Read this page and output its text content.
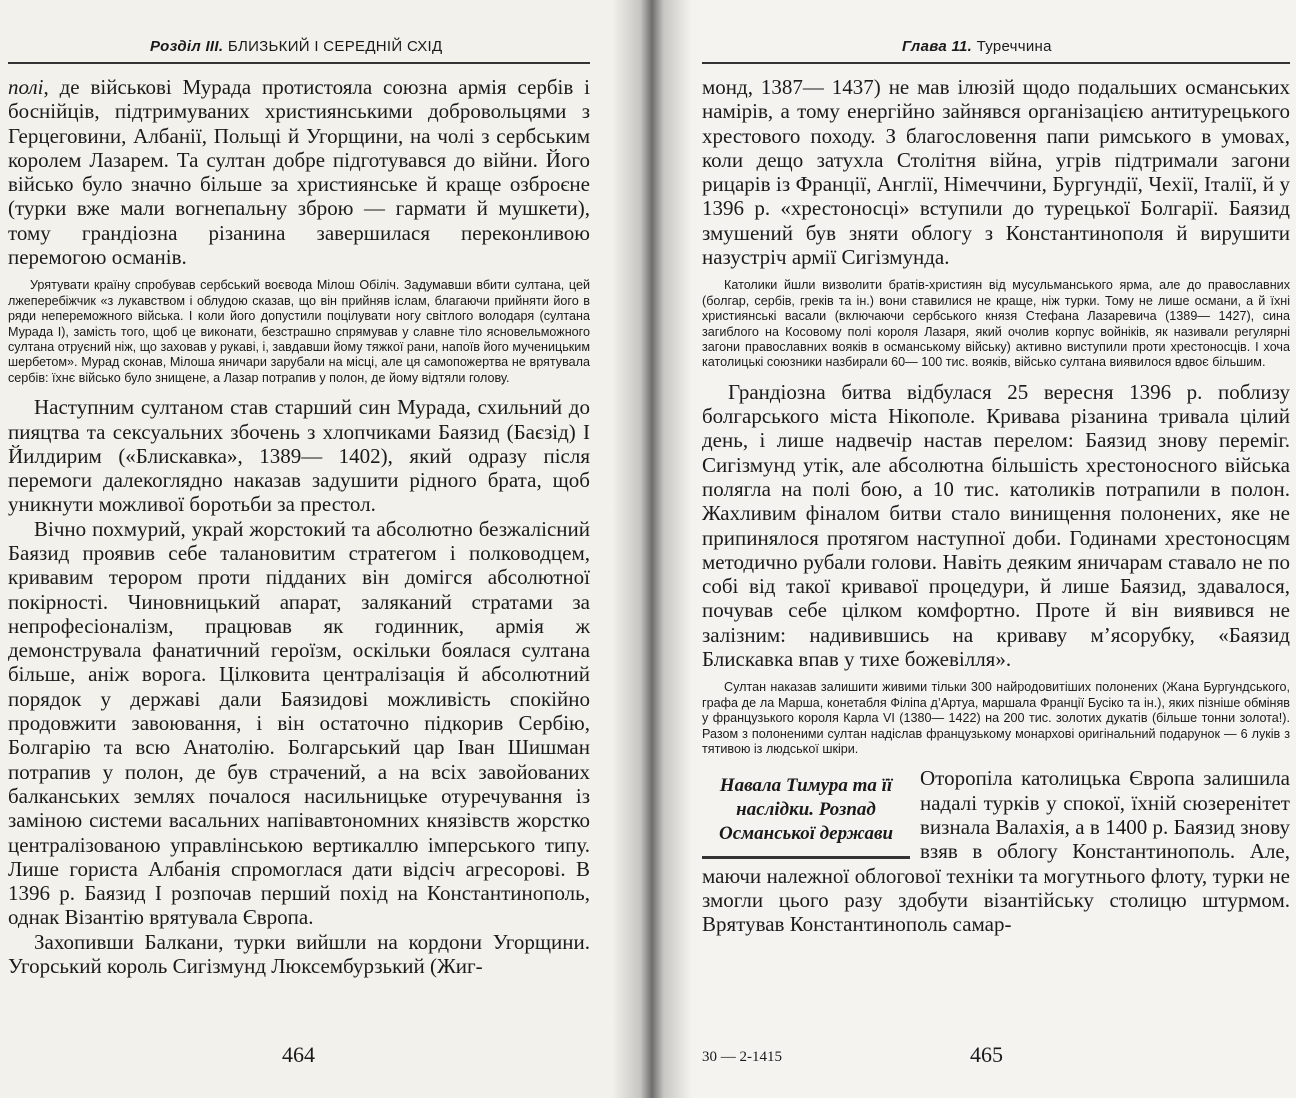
Розділ ІІІ. БЛИЗЬКИЙ І СЕРЕДНІЙ СХІД

полі, де військові Мурада протистояла союзна армія сербів і боснійців, підтримуваних християнськими добровольцями з Герцеговини, Албанії, Польщі й Угорщини, на чолі з сербським королем Лазарем. Та султан добре підготувався до війни. Його військо було значно більше за християнське й краще озброєне (турки вже мали вогнепальну зброю — гармати й мушкети), тому грандіозна різанина завершилася переконливою перемогою османів.

Урятувати країну спробував сербський воєвода Мілош Обіліч. Задумавши вбити султана, цей лжеперебіжчик «з лукавством і облудою сказав, що він прийняв іслам, благаючи прийняти його в ряди непереможного війська. І коли його допустили поцілувати ногу світлого володаря (султана Мурада І), замість того, щоб це виконати, безстрашно спрямував у славне тіло ясновельможного султана отруєний ніж, що заховав у рукаві, і, завдавши йому тяжкої рани, напоїв його мученицьким шербетом». Мурад сконав, Мілоша яничари зарубали на місці, але ця самопожертва не врятувала сербів: їхнє військо було знищене, а Лазар потрапив у полон, де йому відтяли голову.

Наступним султаном став старший син Мурада, схильний до пияцтва та сексуальних збочень з хлопчиками Баязид (Баєзід) І Йилдирим («Блискавка», 1389— 1402), який одразу після перемоги далекоглядно наказав задушити рідного брата, щоб уникнути можливої боротьби за престол.

Вічно похмурий, украй жорстокий та абсолютно безжалісний Баязид проявив себе талановитим стратегом і полководцем, кривавим терором проти підданих він домігся абсолютної покірності. Чиновницький апарат, заляканий стратами за непрофесіоналізм, працював як годинник, армія ж демонструвала фанатичний героїзм, оскільки боялася султана більше, аніж ворога. Цілковита централізація й абсолютний порядок у державі дали Баязидові можливість спокійно продовжити завоювання, і він остаточно підкорив Сербію, Болгарію та всю Анатолію. Болгарський цар Іван Шишман потрапив у полон, де був страчений, а на всіх завойованих балканських землях почалося насильницьке отуречування із заміною системи васальних напівавтономних князівств жорстко централізованою управлінською вертикаллю імперського типу. Лише гориста Албанія спромоглася дати відсіч агресорові. В 1396 р. Баязид І розпочав перший похід на Константинополь, однак Візантію врятувала Європа.

Захопивши Балкани, турки вийшли на кордони Угорщини. Угорський король Сигізмунд Люксембурзький (Жиг-

464
Глава 11. Туреччина

монд, 1387— 1437) не мав ілюзій щодо подальших османських намірів, а тому енергійно зайнявся організацією антитурецького хрестового походу. З благословення папи римського в умовах, коли дещо затухла Столітня війна, угрів підтримали загони рицарів із Франції, Англії, Німеччини, Бургундії, Чехії, Італії, й у 1396 р. «хрестоносці» вступили до турецької Болгарії. Баязид змушений був зняти облогу з Константинополя й вирушити назустріч армії Сигізмунда.

Католики йшли визволити братів-християн від мусульманського ярма, але до православних (болгар, сербів, греків та ін.) вони ставилися не краще, ніж турки. Тому не лише османи, а й їхні християнські васали (включаючи сербського князя Стефана Лазаревича (1389— 1427), сина загиблого на Косовому полі короля Лазаря, який очолив корпус войніків, як називали регулярні загони православних вояків в османському війську) активно виступили проти хрестоносців. І хоча католицькі союзники назбирали 60— 100 тис. вояків, військо султана виявилося вдвоє більшим.

Грандіозна битва відбулася 25 вересня 1396 р. поблизу болгарського міста Нікополе. Кривава різанина тривала цілий день, і лише надвечір настав перелом: Баязид знову переміг. Сигізмунд утік, але абсолютна більшість хрестоносного війська полягла на полі бою, а 10 тис. католиків потрапили в полон. Жахливим фіналом битви стало винищення полонених, яке не припинялося протягом наступної доби. Годинами хрестоносцям методично рубали голови. Навіть деяким яничарам ставало не по собі від такої кривавої процедури, й лише Баязид, здавалося, почував себе цілком комфортно. Проте й він виявився не залізним: надивившись на криваву м’ясорубку, «Баязид Блискавка впав у тихе божевілля».

Султан наказав залишити живими тільки 300 найродовитіших полонених (Жана Бургундського, графа де ла Марша, конетабля Філіпа д’Артуа, маршала Франції Бусіко та ін.), яких пізніше обміняв у французького короля Карла VI (1380— 1422) на 200 тис. золотих дукатів (більше тонни золота!). Разом з полоненими султан надіслав французькому монархові оригінальний подарунок — 6 луків з тятивою із людської шкіри.

Навала Тимура та її наслідки. Розпад Османської держави

Оторопіла католицька Європа залишила надалі турків у спокої, їхній сюзеренітет визнала Валахія, а в 1400 р. Баязид знову взяв в облогу Константинополь. Але, маючи належної облогової техніки та могутнього флоту, турки не змогли цього разу здобути візантійську столицю штурмом. Врятував Константинополь самар-

30 — 2-1415	465
